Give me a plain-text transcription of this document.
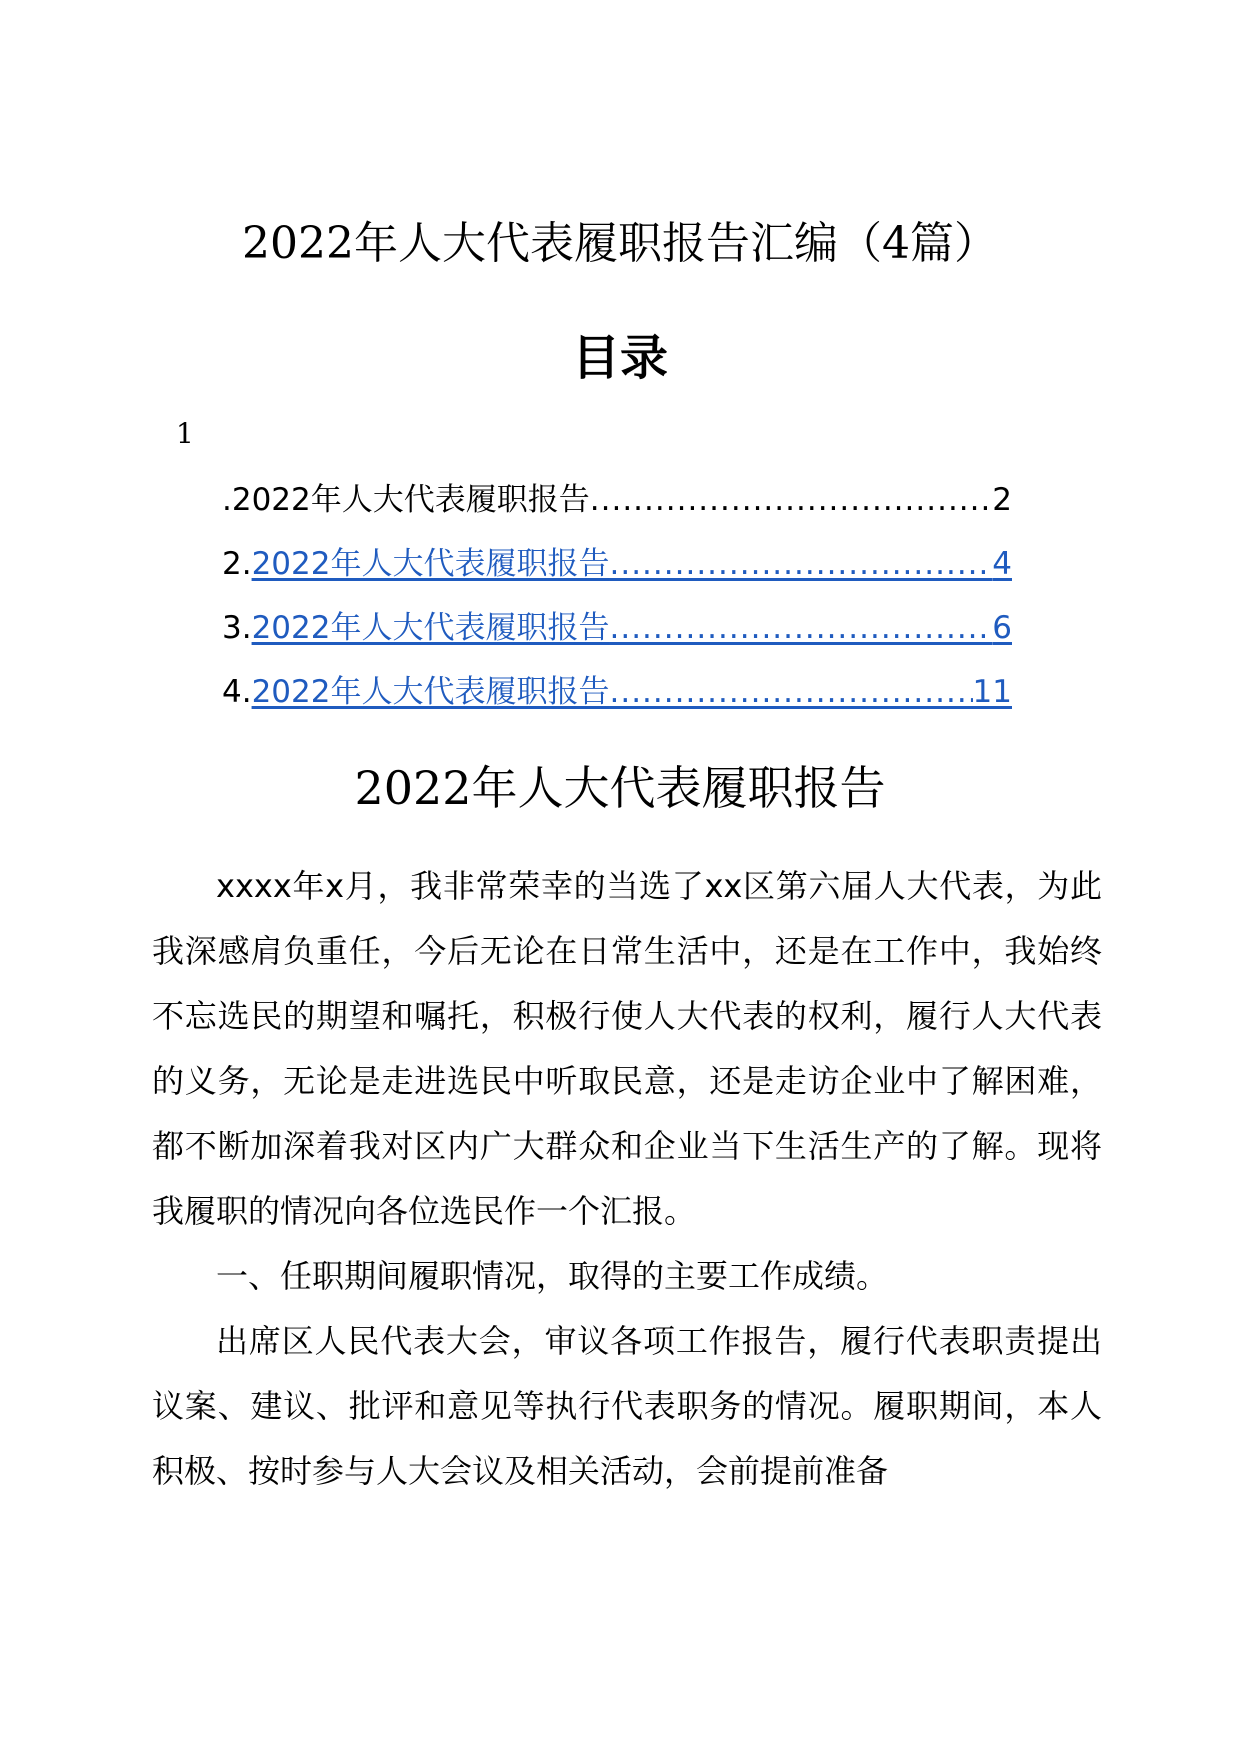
2022年人大代表履职报告汇编（4篇）
目录
1
. 2022年人大代表履职报告 .....	2
2. 2022年人大代表履职报告 .....	4
3. 2022年人大代表履职报告 .....	6
4. 2022年人大代表履职报告 .....	11
2022年人大代表履职报告

xxxx年x月，我非常荣幸的当选了xx区第六届人大代表，为此我深感肩负重任，今后无论在日常生活中，还是在工作中，我始终不忘选民的期望和嘱托，积极行使人大代表的权利，履行人大代表的义务，无论是走进选民中听取民意，还是走访企业中了解困难，都不断加深着我对区内广大群众和企业当下生活生产的了解。现将我履职的情况向各位选民作一个汇报。

一、任职期间履职情况，取得的主要工作成绩。

出席区人民代表大会，审议各项工作报告，履行代表职责提出议案、建议、批评和意见等执行代表职务的情况。履职期间，本人积极、按时参与人大会议及相关活动，会前提前准备
